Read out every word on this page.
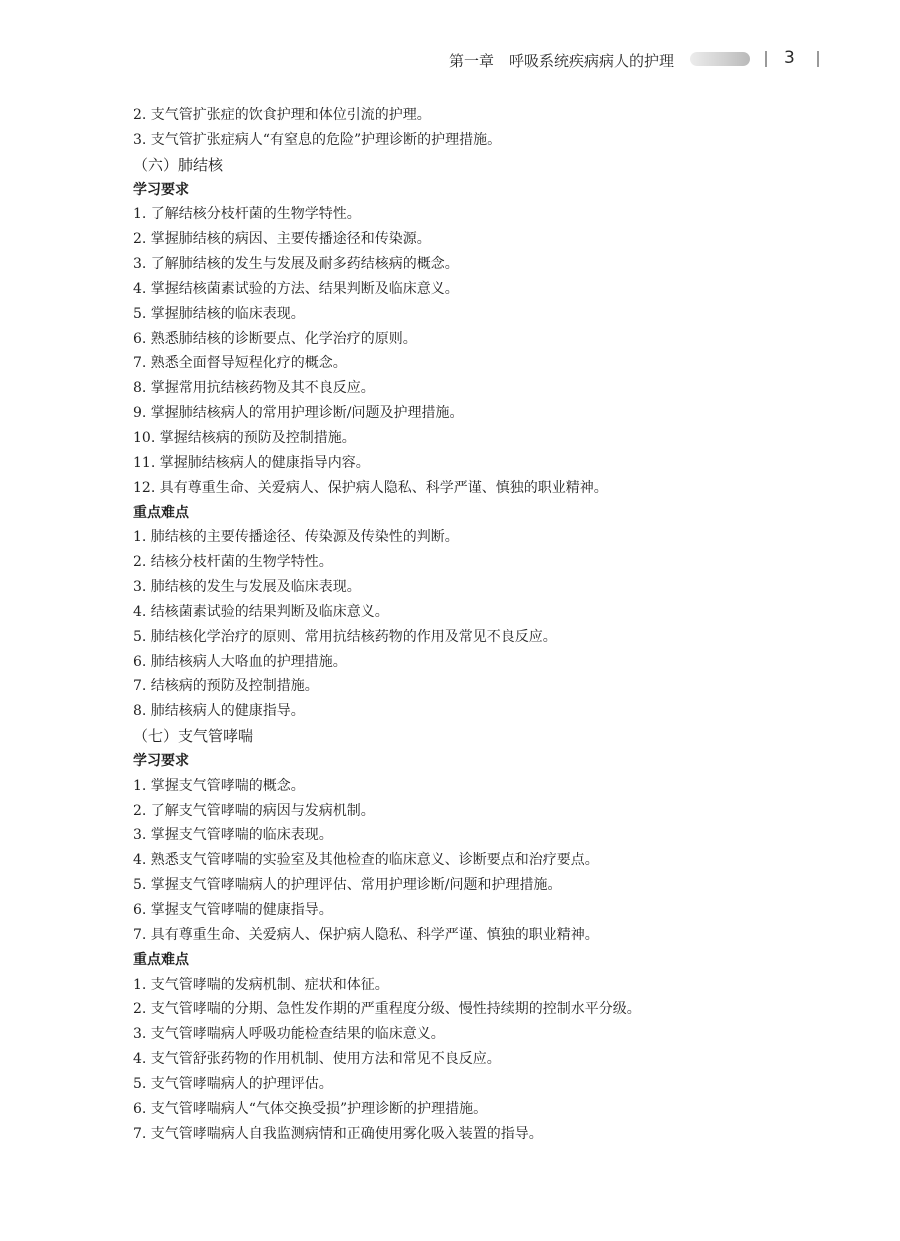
第一章　呼吸系统疾病病人的护理	3
2. 支气管扩张症的饮食护理和体位引流的护理。
3. 支气管扩张症病人“有窒息的危险”护理诊断的护理措施。
（六）肺结核
学习要求
1. 了解结核分枝杆菌的生物学特性。
2. 掌握肺结核的病因、主要传播途径和传染源。
3. 了解肺结核的发生与发展及耐多药结核病的概念。
4. 掌握结核菌素试验的方法、结果判断及临床意义。
5. 掌握肺结核的临床表现。
6. 熟悉肺结核的诊断要点、化学治疗的原则。
7. 熟悉全面督导短程化疗的概念。
8. 掌握常用抗结核药物及其不良反应。
9. 掌握肺结核病人的常用护理诊断/问题及护理措施。
10. 掌握结核病的预防及控制措施。
11. 掌握肺结核病人的健康指导内容。
12. 具有尊重生命、关爱病人、保护病人隐私、科学严谨、慎独的职业精神。
重点难点
1. 肺结核的主要传播途径、传染源及传染性的判断。
2. 结核分枝杆菌的生物学特性。
3. 肺结核的发生与发展及临床表现。
4. 结核菌素试验的结果判断及临床意义。
5. 肺结核化学治疗的原则、常用抗结核药物的作用及常见不良反应。
6. 肺结核病人大咯血的护理措施。
7. 结核病的预防及控制措施。
8. 肺结核病人的健康指导。
（七）支气管哮喘
学习要求
1. 掌握支气管哮喘的概念。
2. 了解支气管哮喘的病因与发病机制。
3. 掌握支气管哮喘的临床表现。
4. 熟悉支气管哮喘的实验室及其他检查的临床意义、诊断要点和治疗要点。
5. 掌握支气管哮喘病人的护理评估、常用护理诊断/问题和护理措施。
6. 掌握支气管哮喘的健康指导。
7. 具有尊重生命、关爱病人、保护病人隐私、科学严谨、慎独的职业精神。
重点难点
1. 支气管哮喘的发病机制、症状和体征。
2. 支气管哮喘的分期、急性发作期的严重程度分级、慢性持续期的控制水平分级。
3. 支气管哮喘病人呼吸功能检查结果的临床意义。
4. 支气管舒张药物的作用机制、使用方法和常见不良反应。
5. 支气管哮喘病人的护理评估。
6. 支气管哮喘病人“气体交换受损”护理诊断的护理措施。
7. 支气管哮喘病人自我监测病情和正确使用雾化吸入装置的指导。
